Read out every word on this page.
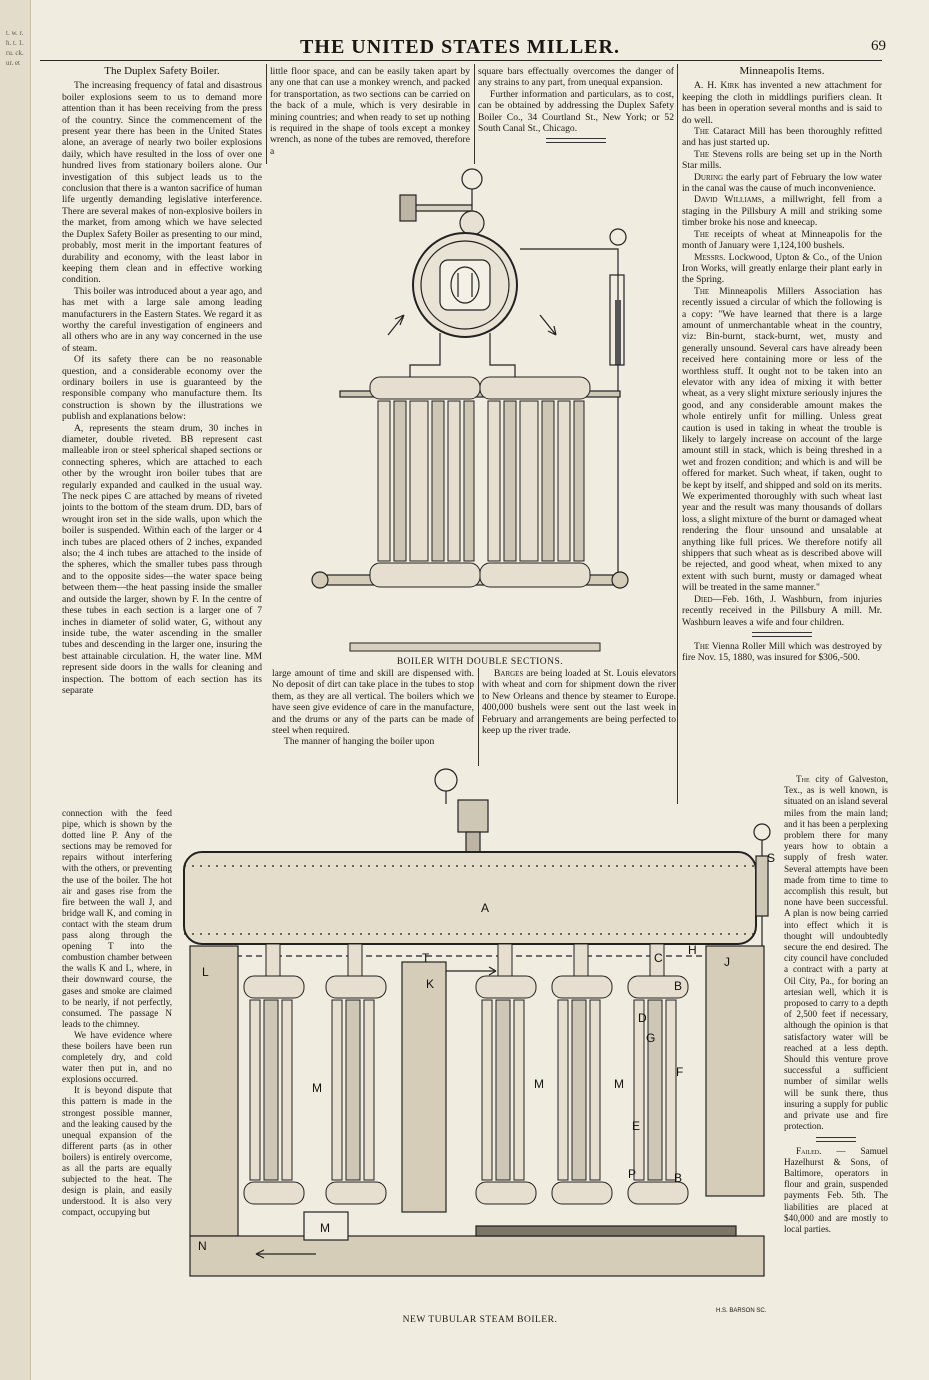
t. w. r. h. t. 1. ru. ck. ur. et
THE UNITED STATES MILLER.	69
The Duplex Safety Boiler.

The increasing frequency of fatal and disastrous boiler explosions seem to us to demand more attention than it has been receiving from the press of the country. Since the commencement of the present year there has been in the United States alone, an average of nearly two boiler explosions daily, which have resulted in the loss of over one hundred lives from stationary boilers alone. Our investigation of this subject leads us to the conclusion that there is a wanton sacrifice of human life urgently demanding legislative interference. There are several makes of non-explosive boilers in the market, from among which we have selected the Duplex Safety Boiler as presenting to our mind, probably, most merit in the important features of durability and economy, with the least labor in keeping them clean and in effective working condition.

This boiler was introduced about a year ago, and has met with a large sale among leading manufacturers in the Eastern States. We regard it as worthy the careful investigation of engineers and all others who are in any way concerned in the use of steam.

Of its safety there can be no reasonable question, and a considerable economy over the ordinary boilers in use is guaranteed by the responsible company who manufacture them. Its construction is shown by the illustrations we publish and explanations below:

A, represents the steam drum, 30 inches in diameter, double riveted. BB represent cast malleable iron or steel spherical shaped sections or connecting spheres, which are attached to each other by the wrought iron boiler tubes that are regularly expanded and caulked in the usual way. The neck pipes C are attached by means of riveted joints to the bottom of the steam drum. DD, bars of wrought iron set in the side walls, upon which the boiler is suspended. Within each of the larger or 4 inch tubes are placed others of 2 inches, expanded also; the 4 inch tubes are attached to the inside of the spheres, which the smaller tubes pass through and to the opposite sides—the water space being between them—the heat passing inside the smaller and outside the larger, shown by F. In the centre of these tubes in each section is a larger one of 7 inches in diameter of solid water, G, without any inside tube, the water ascending in the smaller tubes and descending in the larger one, insuring the best attainable circulation. H, the water line. MM represent side doors in the walls for cleaning and inspection. The bottom of each section has its separate

connection with the feed pipe, which is shown by the dotted line P. Any of the sections may be removed for repairs without interfering with the others, or preventing the use of the boiler. The hot air and gases rise from the fire between the wall J, and bridge wall K, and coming in contact with the steam drum pass along through the opening T into the combustion chamber between the walls K and L, where, in their downward course, the gases and smoke are claimed to be nearly, if not perfectly, consumed. The passage N leads to the chimney.

We have evidence where these boilers have been run completely dry, and cold water then put in, and no explosions occurred.

It is beyond dispute that this pattern is made in the strongest possible manner, and the leaking caused by the unequal expansion of the different parts (as in other boilers) is entirely overcome, as all the parts are equally subjected to the heat. The design is plain, and easily understood. It is also very compact, occupying but

little floor space, and can be easily taken apart by any one that can use a monkey wrench, and packed for transportation, as two sections can be carried on the back of a mule, which is very desirable in mining countries; and when ready to set up nothing is required in the shape of tools except a monkey wrench, as none of the tubes are removed, therefore a

square bars effectually overcomes the danger of any strains to any part, from unequal expansion.

Further information and particulars, as to cost, can be obtained by addressing the Duplex Safety Boiler Co., 34 Courtland St., New York; or 52 South Canal St., Chicago.

BOILER WITH DOUBLE SECTIONS.

large amount of time and skill are dispensed with. No deposit of dirt can take place in the tubes to stop them, as they are all vertical. The boilers which we have seen give evidence of care in the manufacture, and the drums or any of the parts can be made of steel when required.

The manner of hanging the boiler upon

Barges are being loaded at St. Louis elevators with wheat and corn for shipment down the river to New Orleans and thence by steamer to Europe. 400,000 bushels were sent out the last week in February and arrangements are being perfected to keep up the river trade.

Minneapolis Items.

A. H. Kirk has invented a new attachment for keeping the cloth in middlings purifiers clean. It has been in operation several months and is said to do well.

The Cataract Mill has been thoroughly refitted and has just started up.

The Stevens rolls are being set up in the North Star mills.

During the early part of February the low water in the canal was the cause of much inconvenience.

David Williams, a millwright, fell from a staging in the Pillsbury A mill and striking some timber broke his nose and kneecap.

The receipts of wheat at Minneapolis for the month of January were 1,124,100 bushels.

Messrs. Lockwood, Upton & Co., of the Union Iron Works, will greatly enlarge their plant early in the Spring.

The Minneapolis Millers Association has recently issued a circular of which the following is a copy: "We have learned that there is a large amount of unmerchantable wheat in the country, viz: Bin-burnt, stack-burnt, wet, musty and generally unsound. Several cars have already been received here containing more or less of the worthless stuff. It ought not to be taken into an elevator with any idea of mixing it with better wheat, as a very slight mixture seriously injures the good, and any considerable amount makes the whole entirely unfit for milling. Unless great caution is used in taking in wheat the trouble is likely to largely increase on account of the large amount still in stack, which is being threshed in a wet and frozen condition; and which is and will be offered for market. Such wheat, if taken, ought to be kept by itself, and shipped and sold on its merits. We experimented thoroughly with such wheat last year and the result was many thousands of dollars loss, a slight mixture of the burnt or damaged wheat rendering the flour unsound and unsalable at anything like full prices. We therefore notify all shippers that such wheat as is described above will be rejected, and good wheat, when mixed to any extent with such burnt, musty or damaged wheat will be treated in the same manner."

Died—Feb. 16th, J. Washburn, from injuries recently received in the Pillsbury A mill. Mr. Washburn leaves a wife and four children.

The Vienna Roller Mill which was destroyed by fire Nov. 15, 1880, was insured for $306,-500.

The city of Galveston, Tex., as is well known, is situated on an island several miles from the main land; and it has been a perplexing problem there for many years how to obtain a supply of fresh water. Several attempts have been made from time to time to accomplish this result, but none have been successful. A plan is now being carried into effect which it is thought will undoubtedly secure the end desired. The city council have concluded a contract with a party at Oil City, Pa., for boring an artesian well, which it is proposed to carry to a depth of 2,500 feet if necessary, although the opinion is that satisfactory water will be reached at a less depth. Should this venture prove successful a sufficient number of similar wells will be sunk there, thus insuring a supply for public and private use and fire protection.

Failed. — Samuel Hazelhurst & Sons, of Baltimore, operators in flour and grain, suspended payments Feb. 5th. The liabilities are placed at $40,000 and are mostly to local parties.

A
S
H
J
L
T
K
C
B
B
D
G
F
M	M	M
M
E
P
N
H.S. BARSON SC.
NEW TUBULAR STEAM BOILER.
